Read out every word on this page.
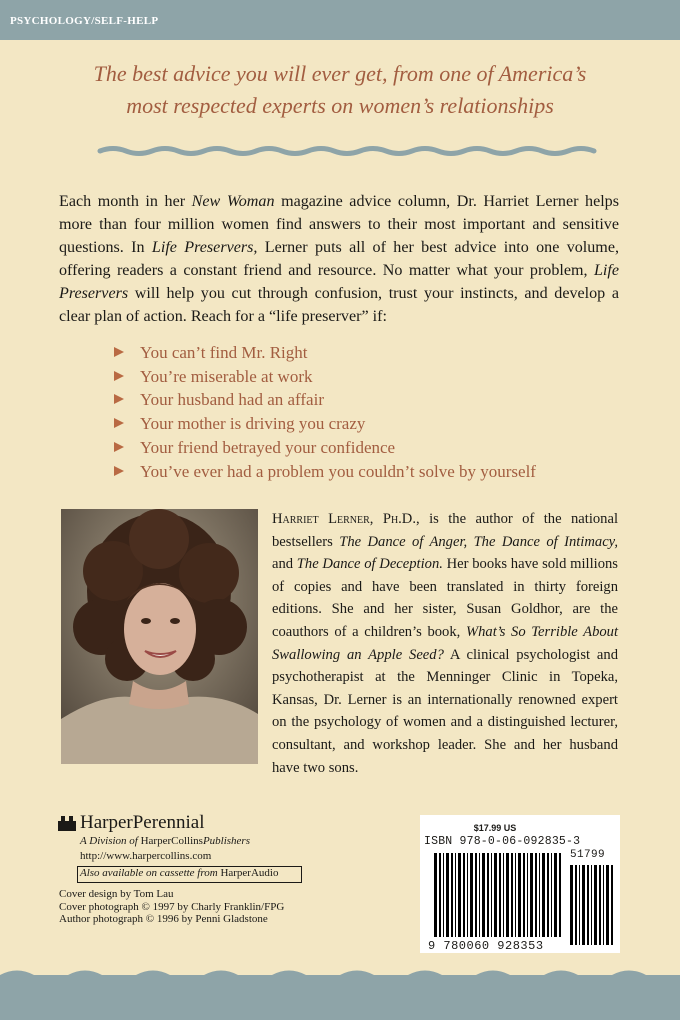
PSYCHOLOGY/SELF-HELP
The best advice you will ever get, from one of America’s
most respected experts on women’s relationships
Each month in her New Woman magazine advice column, Dr. Harriet Lerner helps more than four million women find answers to their most important and sensitive questions. In Life Preservers, Lerner puts all of her best advice into one volume, offering readers a constant friend and resource. No matter what your problem, Life Preservers will help you cut through confusion, trust your instincts, and develop a clear plan of action. Reach for a “life preserver” if:
You can’t find Mr. Right
You’re miserable at work
Your husband had an affair
Your mother is driving you crazy
Your friend betrayed your confidence
You’ve ever had a problem you couldn’t solve by yourself
Harriet Lerner, Ph.D., is the author of the national bestsellers The Dance of Anger, The Dance of Intimacy, and The Dance of Deception. Her books have sold millions of copies and have been translated in thirty foreign editions. She and her sister, Susan Goldhor, are the coauthors of a children’s book, What’s So Terrible About Swallowing an Apple Seed? A clinical psychologist and psychotherapist at the Menninger Clinic in Topeka, Kansas, Dr. Lerner is an internationally renowned expert on the psychology of women and a distinguished lecturer, consultant, and workshop leader. She and her husband have two sons.
HarperPerennial
A Division of HarperCollinsPublishers
http://www.harpercollins.com
Also available on cassette from HarperAudio
Cover design by Tom Lau
Cover photograph © 1997 by Charly Franklin/FPG
Author photograph © 1996 by Penni Gladstone
$17.99 US
ISBN 978-0-06-092835-3
51799
9 780060 928353
